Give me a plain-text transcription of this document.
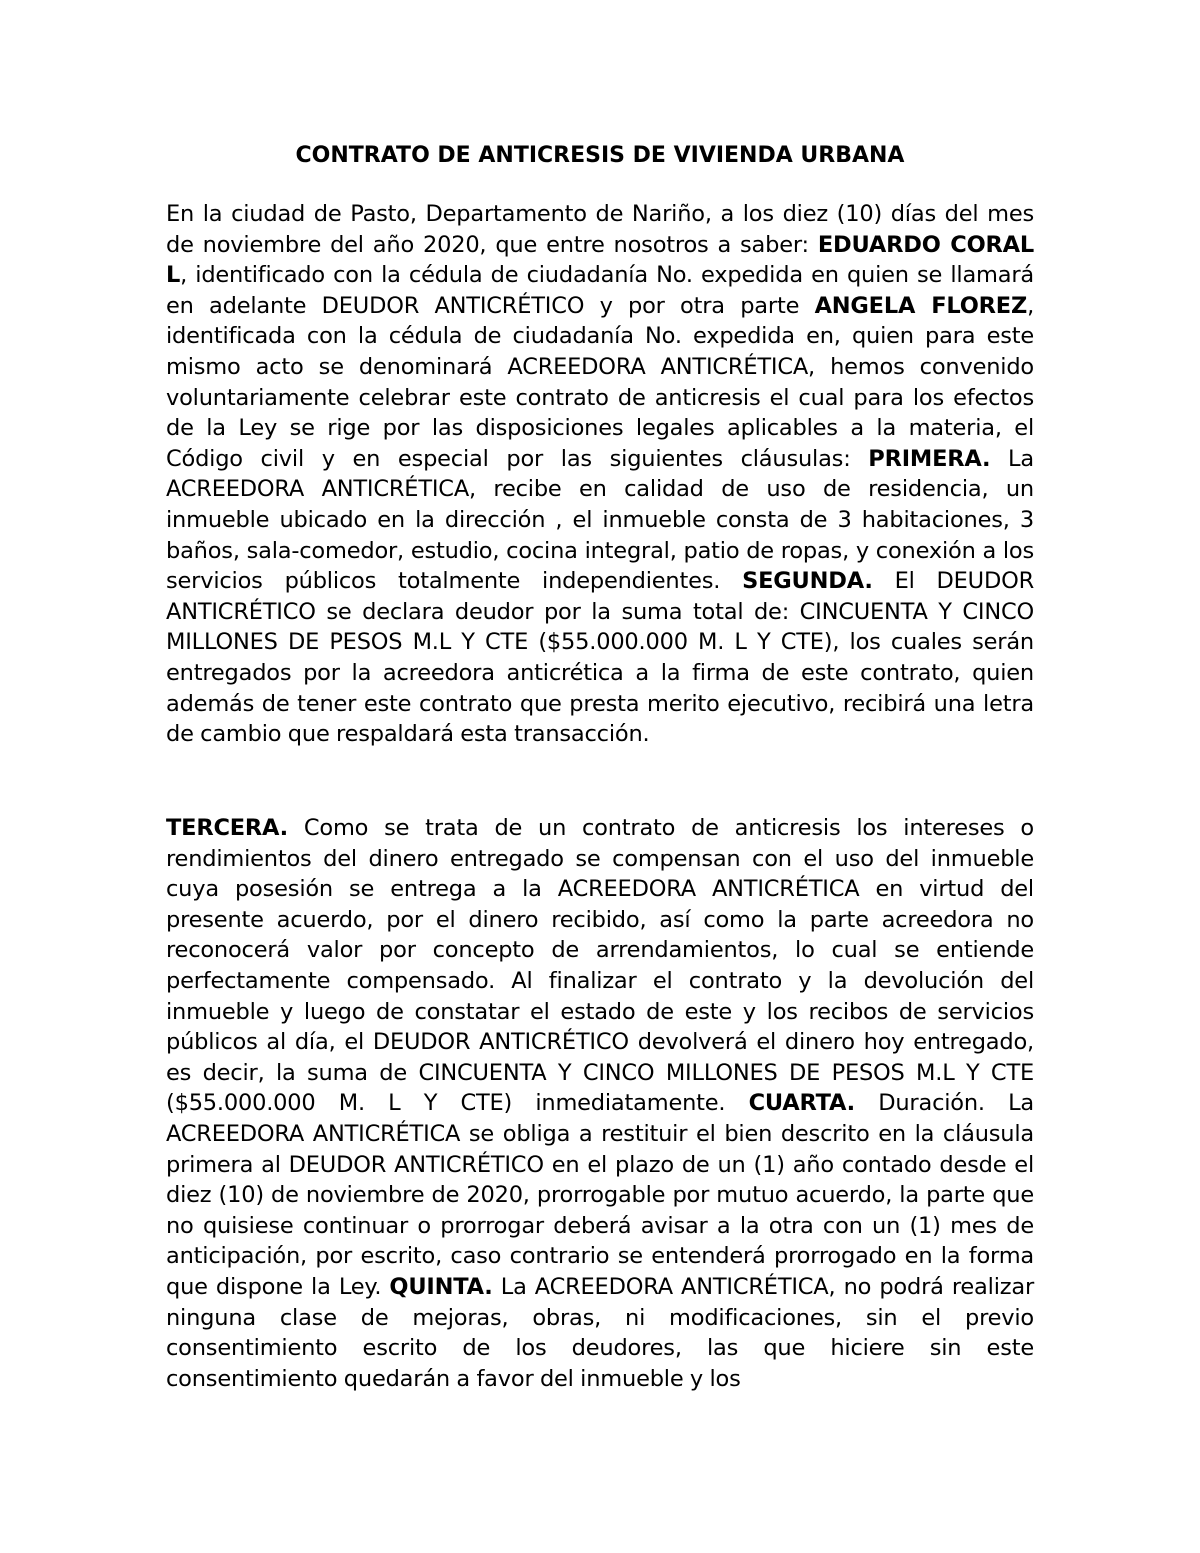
CONTRATO DE ANTICRESIS DE VIVIENDA URBANA

En la ciudad de Pasto, Departamento de Nariño, a los diez (10) días del mes de noviembre del año 2020, que entre nosotros a saber: EDUARDO CORAL L, identificado con la cédula de ciudadanía No. expedida en quien se llamará en adelante DEUDOR ANTICRÉTICO y por otra parte ANGELA FLOREZ, identificada con la cédula de ciudadanía No. expedida en, quien para este mismo acto se denominará ACREEDORA ANTICRÉTICA, hemos convenido voluntariamente celebrar este contrato de anticresis el cual para los efectos de la Ley se rige por las disposiciones legales aplicables a la materia, el Código civil y en especial por las siguientes cláusulas: PRIMERA. La ACREEDORA ANTICRÉTICA, recibe en calidad de uso de residencia, un inmueble ubicado en la dirección , el inmueble consta de 3 habitaciones, 3 baños, sala-comedor, estudio, cocina integral, patio de ropas, y conexión a los servicios públicos totalmente independientes. SEGUNDA. El DEUDOR ANTICRÉTICO se declara deudor por la suma total de: CINCUENTA Y CINCO MILLONES DE PESOS M.L Y CTE ($55.000.000 M. L Y CTE), los cuales serán entregados por la acreedora anticrética a la firma de este contrato, quien además de tener este contrato que presta merito ejecutivo, recibirá una letra de cambio que respaldará esta transacción.

TERCERA. Como se trata de un contrato de anticresis los intereses o rendimientos del dinero entregado se compensan con el uso del inmueble cuya posesión se entrega a la ACREEDORA ANTICRÉTICA en virtud del presente acuerdo, por el dinero recibido, así como la parte acreedora no reconocerá valor por concepto de arrendamientos, lo cual se entiende perfectamente compensado. Al finalizar el contrato y la devolución del inmueble y luego de constatar el estado de este y los recibos de servicios públicos al día, el DEUDOR ANTICRÉTICO devolverá el dinero hoy entregado, es decir, la suma de CINCUENTA Y CINCO MILLONES DE PESOS M.L Y CTE ($55.000.000 M. L Y CTE) inmediatamente. CUARTA. Duración. La ACREEDORA ANTICRÉTICA se obliga a restituir el bien descrito en la cláusula primera al DEUDOR ANTICRÉTICO en el plazo de un (1) año contado desde el diez (10) de noviembre de 2020, prorrogable por mutuo acuerdo, la parte que no quisiese continuar o prorrogar deberá avisar a la otra con un (1) mes de anticipación, por escrito, caso contrario se entenderá prorrogado en la forma que dispone la Ley. QUINTA. La ACREEDORA ANTICRÉTICA, no podrá realizar ninguna clase de mejoras, obras, ni modificaciones, sin el previo consentimiento escrito de los deudores, las que hiciere sin este consentimiento quedarán a favor del inmueble y los
